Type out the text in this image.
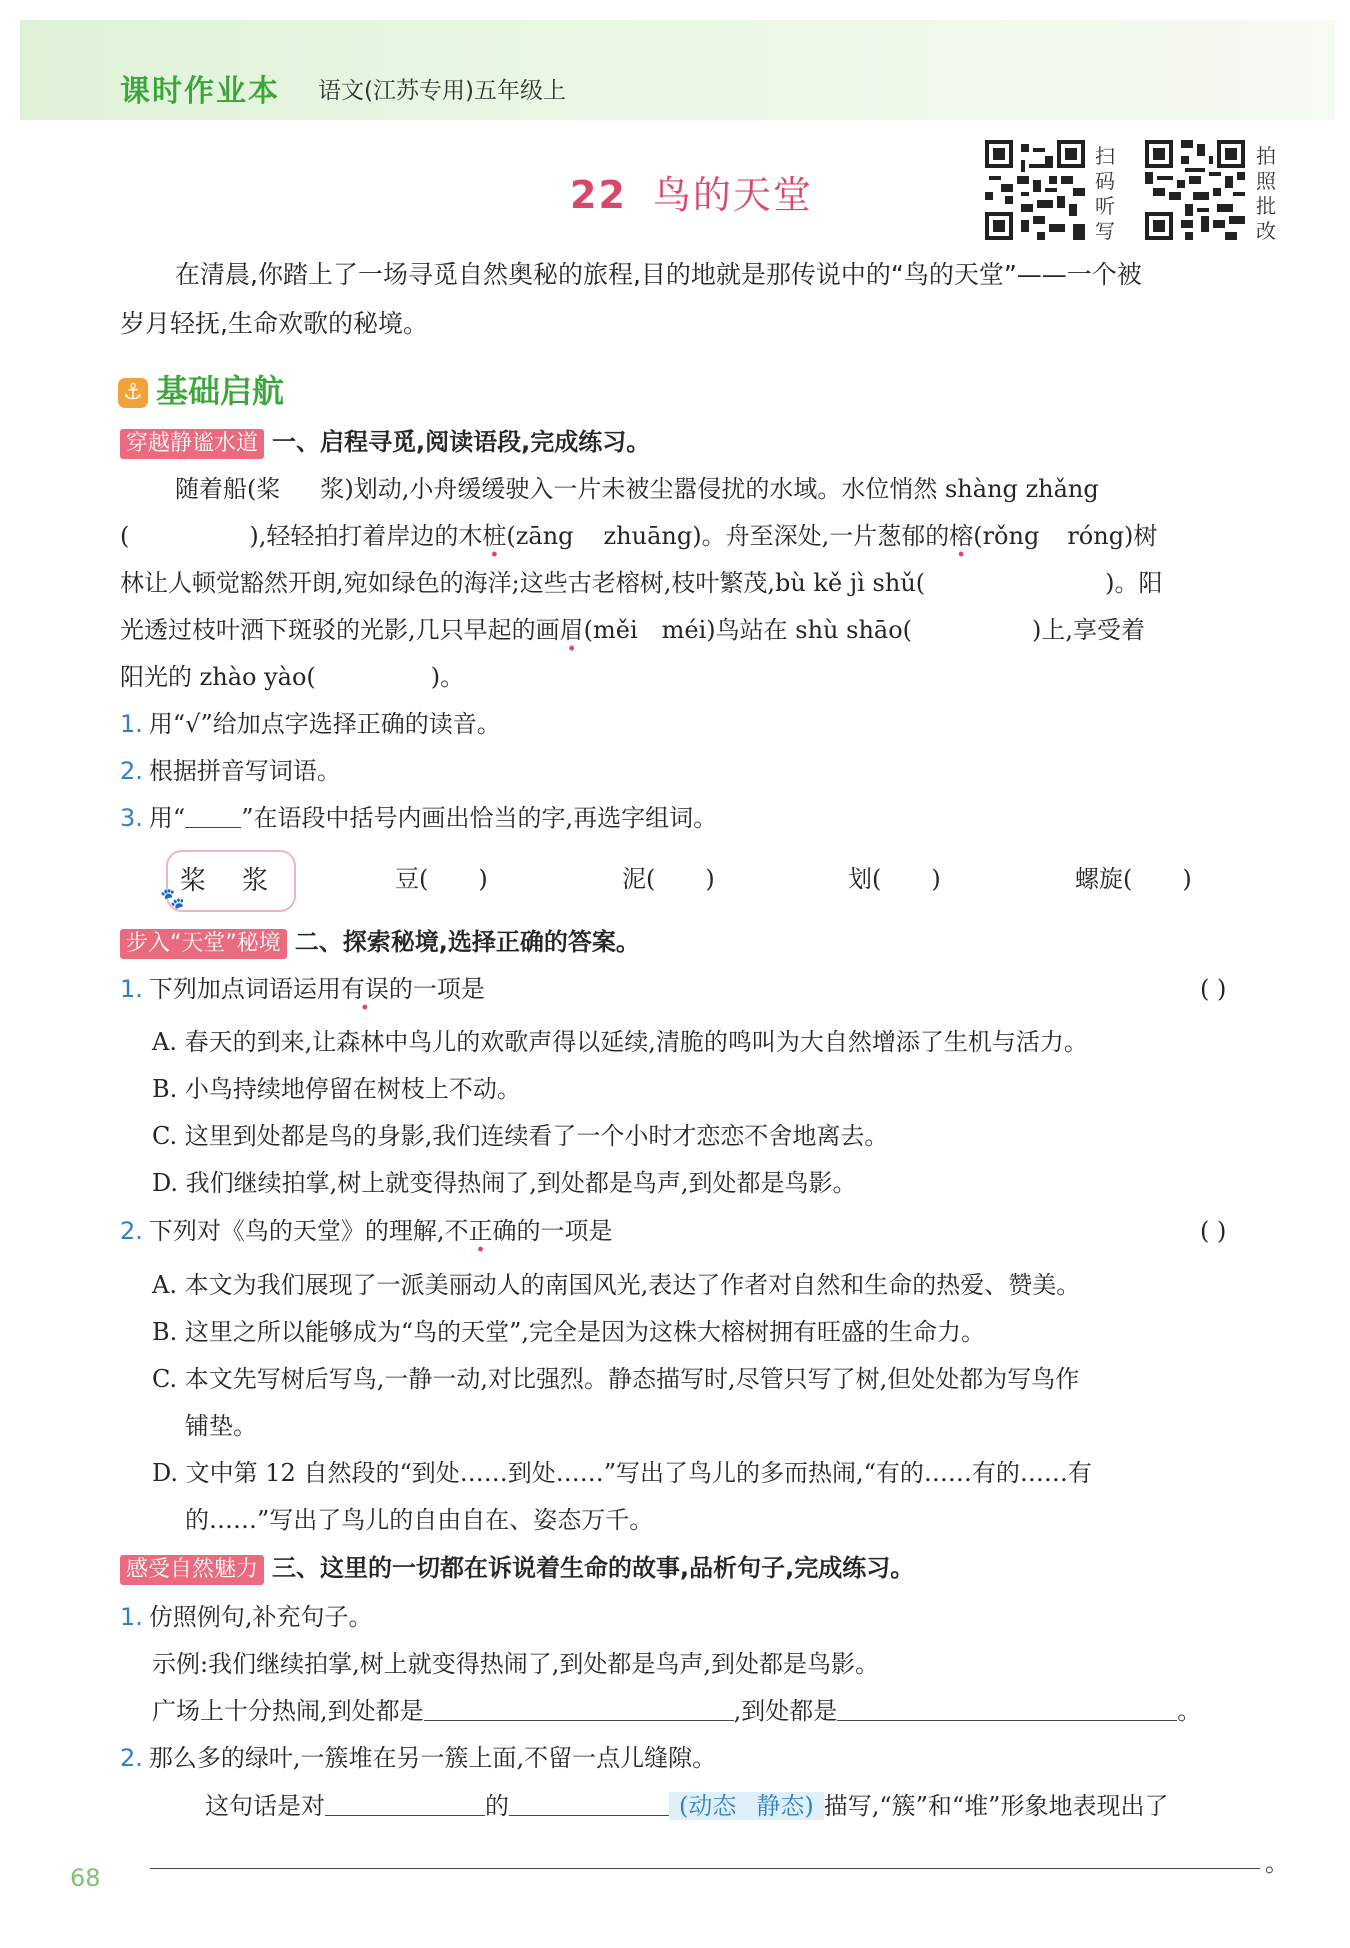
课时作业本 语文(江苏专用)五年级上
22 鸟的天堂
扫码听写
拍照批改
在清晨,你踏上了一场寻觅自然奥秘的旅程,目的地就是那传说中的“鸟的天堂”——一个被
岁月轻抚,生命欢歌的秘境。
⚓ 基础启航
穿越静谧水道 一、启程寻觅,阅读语段,完成练习。
随着船(桨 浆)划动,小舟缓缓驶入一片未被尘嚣侵扰的水域。水位悄然 shàng zhǎng
(	),轻轻拍打着岸边的木桩(zāng zhuāng)。舟至深处,一片葱郁的榕(rǒng róng)树
林让人顿觉豁然开朗,宛如绿色的海洋;这些古老榕树,枝叶繁茂,bù kě jì shǔ(	)。阳
光透过枝叶洒下斑驳的光影,几只早起的画眉(měi méi)鸟站在 shù shāo(	)上,享受着
阳光的 zhào yào(	)。
1. 用“√”给加点字选择正确的读音。
2. 根据拼音写词语。
3. 用“ ”在语段中括号内画出恰当的字,再选字组词。
桨 浆
🐾
豆( )	泥( )	划( )	螺旋( )
步入“天堂”秘境 二、探索秘境,选择正确的答案。
1. 下列加点词语运用有误的一项是	( )
A. 春天的到来,让森林中鸟儿的欢歌声得以延续,清脆的鸣叫为大自然增添了生机与活力。
B. 小鸟持续地停留在树枝上不动。
C. 这里到处都是鸟的身影,我们连续看了一个小时才恋恋不舍地离去。
D. 我们继续拍掌,树上就变得热闹了,到处都是鸟声,到处都是鸟影。
2. 下列对《鸟的天堂》的理解,不正确的一项是	( )
A. 本文为我们展现了一派美丽动人的南国风光,表达了作者对自然和生命的热爱、赞美。
B. 这里之所以能够成为“鸟的天堂”,完全是因为这株大榕树拥有旺盛的生命力。
C. 本文先写树后写鸟,一静一动,对比强烈。静态描写时,尽管只写了树,但处处都为写鸟作
铺垫。
D. 文中第 12 自然段的“到处……到处……”写出了鸟儿的多而热闹,“有的……有的……有
的……”写出了鸟儿的自由自在、姿态万千。
感受自然魅力 三、这里的一切都在诉说着生命的故事,品析句子,完成练习。
1. 仿照例句,补充句子。
示例:我们继续拍掌,树上就变得热闹了,到处都是鸟声,到处都是鸟影。
广场上十分热闹,到处都是	,到处都是	。
2. 那么多的绿叶,一簇堆在另一簇上面,不留一点儿缝隙。
这句话是对	的	(动态 静态) 描写,“簇”和“堆”形象地表现出了
。
68
